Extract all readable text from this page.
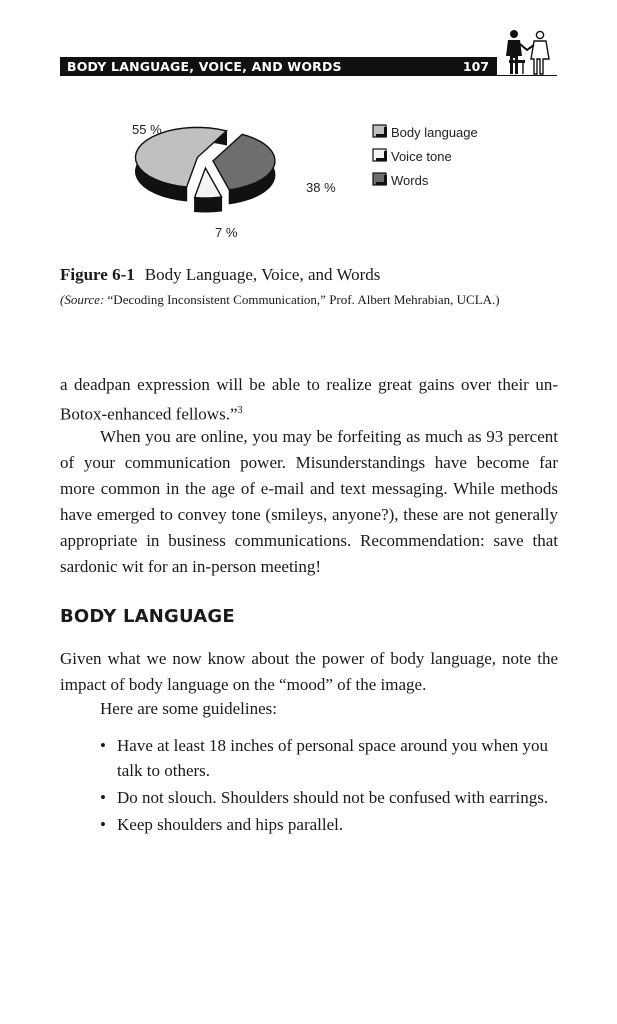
BODY LANGUAGE, VOICE, AND WORDS	107
55 %
38 %
7 %
Body language
Voice tone
Words
Figure 6-1 Body Language, Voice, and Words
(Source: “Decoding Inconsistent Communication,” Prof. Albert Mehrabian, UCLA.)
a deadpan expression will be able to realize great gains over their un-Botox-enhanced fellows.”$^3$
When you are online, you may be forfeiting as much as 93 percent of your communication power. Misunderstandings have become far more common in the age of e-mail and text messaging. While methods have emerged to convey tone (smileys, anyone?), these are not generally appropriate in business communications. Recommendation: save that sardonic wit for an in-person meeting!
BODY LANGUAGE
Given what we now know about the power of body language, note the impact of body language on the “mood” of the image.
Here are some guidelines:
• Have at least 18 inches of personal space around you when you talk to others.
• Do not slouch. Shoulders should not be confused with earrings.
• Keep shoulders and hips parallel.
